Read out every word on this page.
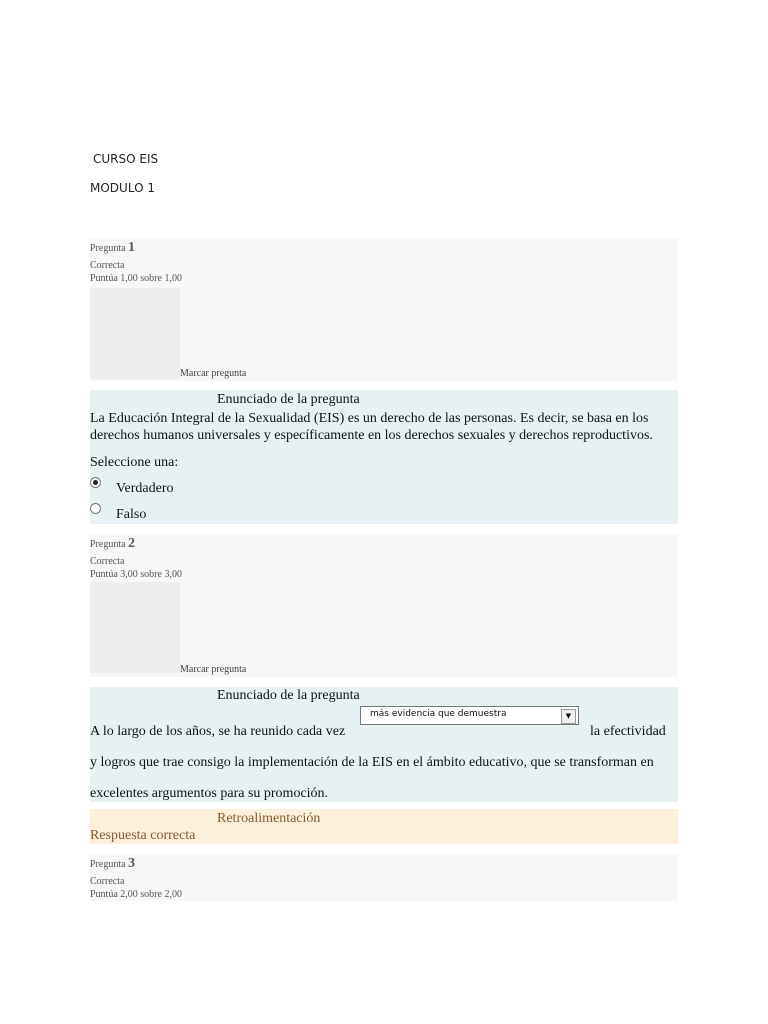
CURSO EIS
MODULO 1
Pregunta 1
Correcta
Puntúa 1,00 sobre 1,00
Marcar pregunta
Enunciado de la pregunta
La Educación Integral de la Sexualidad (EIS) es un derecho de las personas. Es decir, se basa en los derechos humanos universales y específicamente en los derechos sexuales y derechos reproductivos.
Seleccione una:
Verdadero
Falso
Pregunta 2
Correcta
Puntúa 3,00 sobre 3,00
Marcar pregunta
Enunciado de la pregunta
más evidencia que demuestra	▼
A lo largo de los años, se ha reunido cada vez	la efectividad
y logros que trae consigo la implementación de la EIS en el ámbito educativo, que se transforman en
excelentes argumentos para su promoción.
Retroalimentación
Respuesta correcta
Pregunta 3
Correcta
Puntúa 2,00 sobre 2,00
